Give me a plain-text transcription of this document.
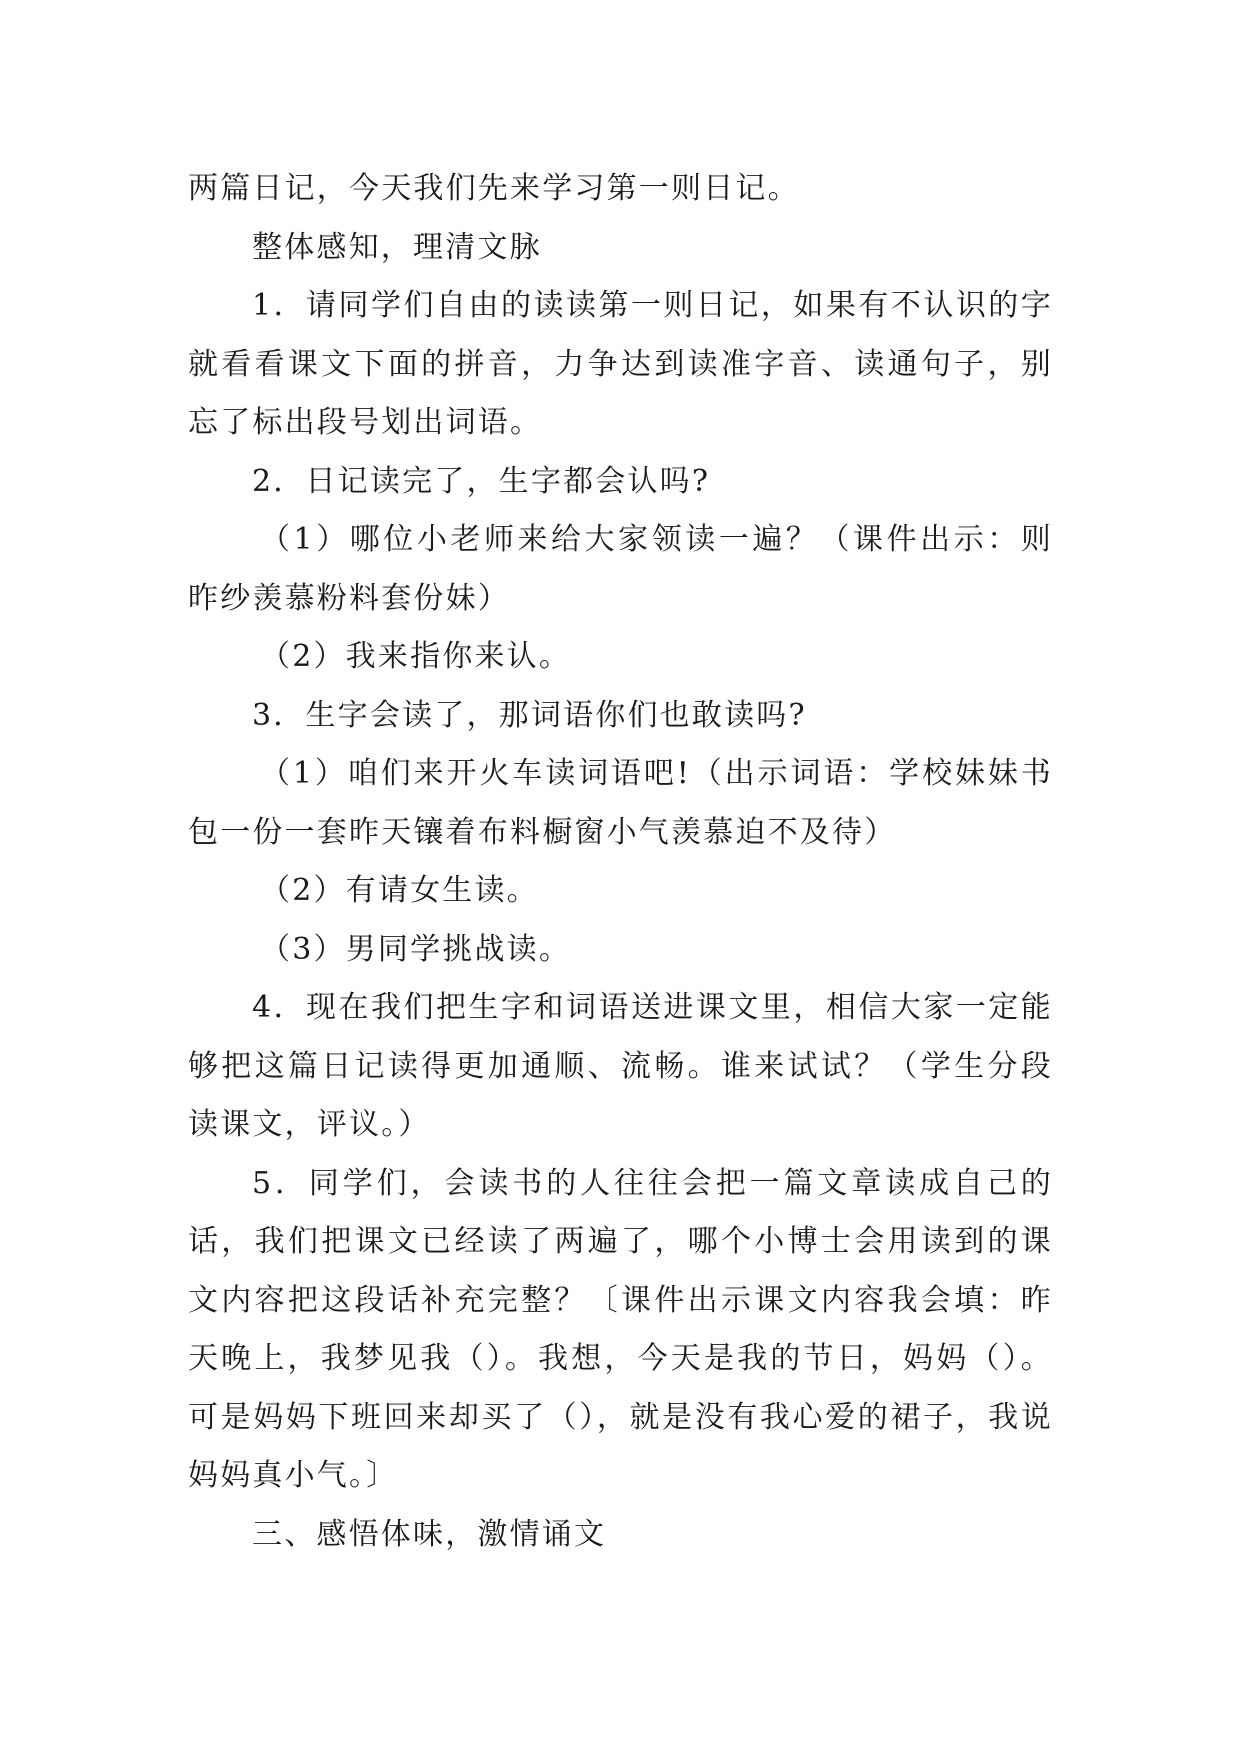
两篇日记，今天我们先来学习第一则日记。

整体感知，理清文脉

1．请同学们自由的读读第一则日记，如果有不认识的字就看看课文下面的拼音，力争达到读准字音、读通句子，别忘了标出段号划出词语。

2．日记读完了，生字都会认吗?

（1）哪位小老师来给大家领读一遍？（课件出示：则昨纱羡慕粉料套份妹）

（2）我来指你来认。

3．生字会读了，那词语你们也敢读吗?

（1）咱们来开火车读词语吧!（出示词语：学校妹妹书包一份一套昨天镶着布料橱窗小气羡慕迫不及待）

（2）有请女生读。

（3）男同学挑战读。

4．现在我们把生字和词语送进课文里，相信大家一定能够把这篇日记读得更加通顺、流畅。谁来试试？（学生分段读课文，评议。）

5．同学们，会读书的人往往会把一篇文章读成自己的话，我们把课文已经读了两遍了，哪个小博士会用读到的课文内容把这段话补充完整？〔课件出示课文内容我会填：昨天晚上，我梦见我（）。我想，今天是我的节日，妈妈（）。可是妈妈下班回来却买了（），就是没有我心爱的裙子，我说妈妈真小气。〕

三、感悟体味，激情诵文
